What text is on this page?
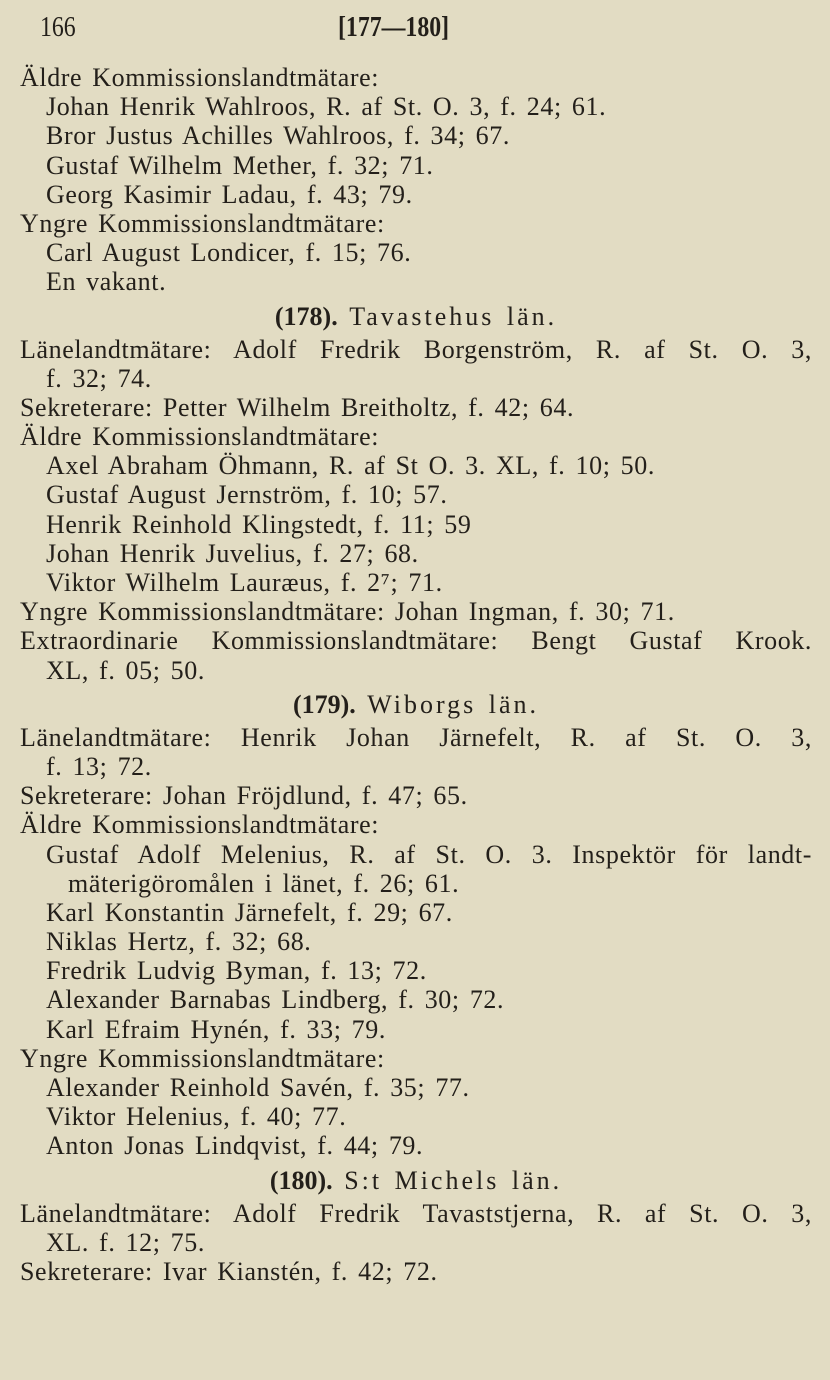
166	[177—180]
Äldre Kommissionslandtmätare:
Johan Henrik Wahlroos, R. af St. O. 3, f. 24; 61.
Bror Justus Achilles Wahlroos, f. 34; 67.
Gustaf Wilhelm Mether, f. 32; 71.
Georg Kasimir Ladau, f. 43; 79.
Yngre Kommissionslandtmätare:
Carl August Londicer, f. 15; 76.
En vakant.
(178). Tavastehus län.
Länelandtmätare: Adolf Fredrik Borgenström, R. af St. O. 3,
f. 32; 74.
Sekreterare: Petter Wilhelm Breitholtz, f. 42; 64.
Äldre Kommissionslandtmätare:
Axel Abraham Öhmann, R. af St O. 3. XL, f. 10; 50.
Gustaf August Jernström, f. 10; 57.
Henrik Reinhold Klingstedt, f. 11; 59
Johan Henrik Juvelius, f. 27; 68.
Viktor Wilhelm Lauræus, f. 2⁷; 71.
Yngre Kommissionslandtmätare: Johan Ingman, f. 30; 71.
Extraordinarie Kommissionslandtmätare: Bengt Gustaf Krook.
XL, f. 05; 50.
(179). Wiborgs län.
Länelandtmätare: Henrik Johan Järnefelt, R. af St. O. 3,
f. 13; 72.
Sekreterare: Johan Fröjdlund, f. 47; 65.
Äldre Kommissionslandtmätare:
Gustaf Adolf Melenius, R. af St. O. 3. Inspektör för landt-
mäterigöromålen i länet, f. 26; 61.
Karl Konstantin Järnefelt, f. 29; 67.
Niklas Hertz, f. 32; 68.
Fredrik Ludvig Byman, f. 13; 72.
Alexander Barnabas Lindberg, f. 30; 72.
Karl Efraim Hynén, f. 33; 79.
Yngre Kommissionslandtmätare:
Alexander Reinhold Savén, f. 35; 77.
Viktor Helenius, f. 40; 77.
Anton Jonas Lindqvist, f. 44; 79.
(180). S:t Michels län.
Länelandtmätare: Adolf Fredrik Tavaststjerna, R. af St. O. 3,
XL. f. 12; 75.
Sekreterare: Ivar Kianstén, f. 42; 72.
